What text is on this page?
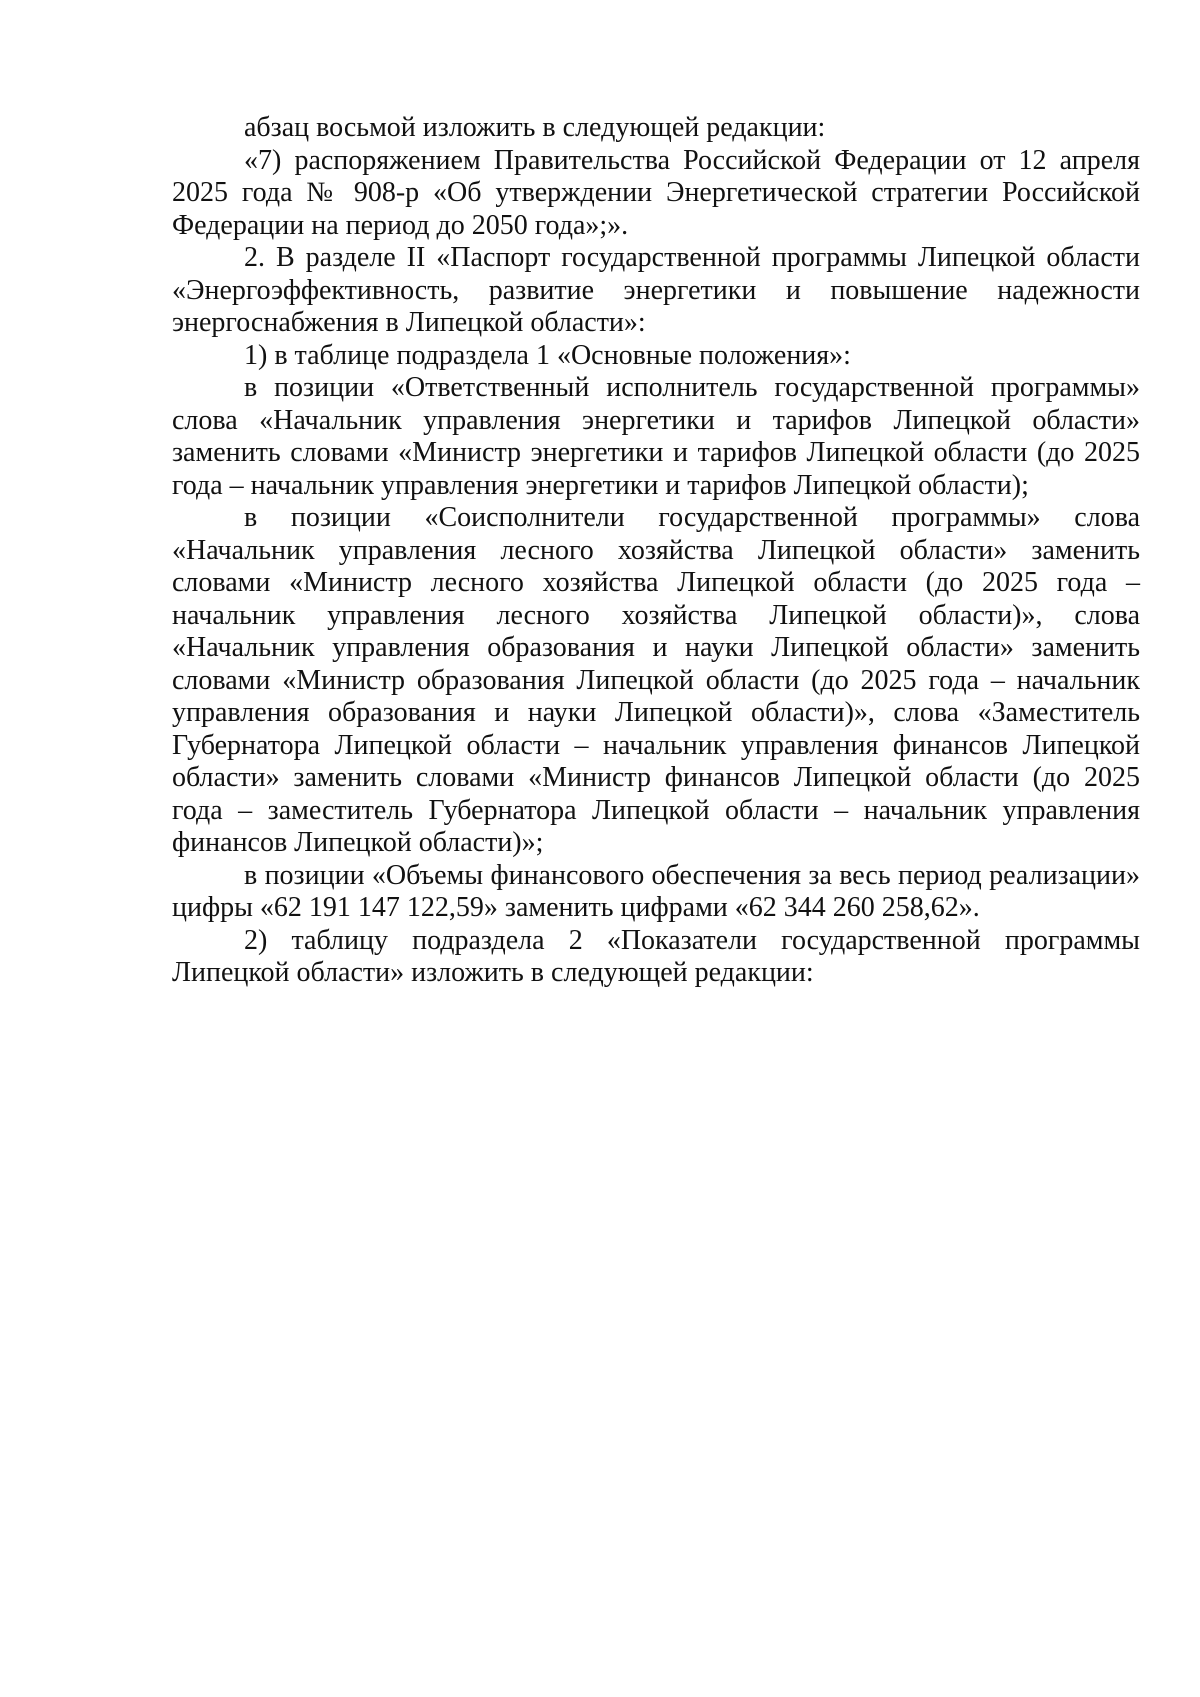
абзац восьмой изложить в следующей редакции:

«7) распоряжением Правительства Российской Федерации от 12 апреля 2025 года № 908-р «Об утверждении Энергетической стратегии Российской Федерации на период до 2050 года»;».

2. В разделе II «Паспорт государственной программы Липецкой области «Энергоэффективность, развитие энергетики и повышение надежности энергоснабжения в Липецкой области»:

1) в таблице подраздела 1 «Основные положения»:

в позиции «Ответственный исполнитель государственной программы» слова «Начальник управления энергетики и тарифов Липецкой области» заменить словами «Министр энергетики и тарифов Липецкой области (до 2025 года – начальник управления энергетики и тарифов Липецкой области);

в позиции «Соисполнители государственной программы» слова «Начальник управления лесного хозяйства Липецкой области» заменить словами «Министр лесного хозяйства Липецкой области (до 2025 года – начальник управления лесного хозяйства Липецкой области)», слова «Начальник управления образования и науки Липецкой области» заменить словами «Министр образования Липецкой области (до 2025 года – начальник управления образования и науки Липецкой области)», слова «Заместитель Губернатора Липецкой области – начальник управления финансов Липецкой области» заменить словами «Министр финансов Липецкой области (до 2025 года – заместитель Губернатора Липецкой области – начальник управления финансов Липецкой области)»;

в позиции «Объемы финансового обеспечения за весь период реализации» цифры «62 191 147 122,59» заменить цифрами «62 344 260 258,62».

2) таблицу подраздела 2 «Показатели государственной программы Липецкой области» изложить в следующей редакции:
